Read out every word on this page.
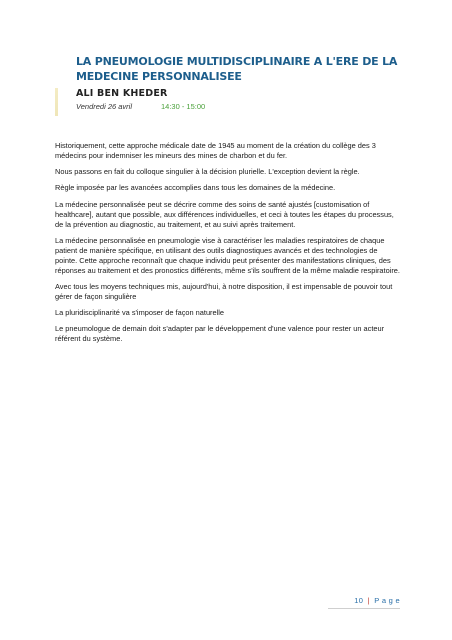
LA PNEUMOLOGIE MULTIDISCIPLINAIRE A L'ERE DE LA MEDECINE PERSONNALISEE
ALI BEN KHEDER
Vendredi 26 avril	14:30 - 15:00

Historiquement, cette approche médicale date de 1945 au moment de la création du collège des 3 médecins pour indemniser les mineurs des mines de charbon et du fer.

Nous passons en fait du colloque singulier à la décision plurielle. L'exception devient la règle.

Règle imposée par les avancées accomplies dans tous les domaines de la médecine.

La médecine personnalisée peut se décrire comme des soins de santé ajustés [customisation of healthcare], autant que possible, aux différences individuelles, et ceci à toutes les étapes du processus, de la prévention au diagnostic, au traitement, et au suivi après traitement.

La médecine personnalisée en pneumologie vise à caractériser les maladies respiratoires de chaque patient de manière spécifique, en utilisant des outils diagnostiques avancés et des technologies de pointe. Cette approche reconnaît que chaque individu peut présenter des manifestations cliniques, des réponses au traitement et des pronostics différents, même s'ils souffrent de la même maladie respiratoire.

Avec tous les moyens techniques mis, aujourd'hui, à notre disposition, il est impensable de pouvoir tout gérer de façon singulière

La pluridisciplinarité va s'imposer de façon naturelle

Le pneumologue de demain doit s'adapter par le développement d'une valence pour rester un acteur référent du système.

10 | P a g e
